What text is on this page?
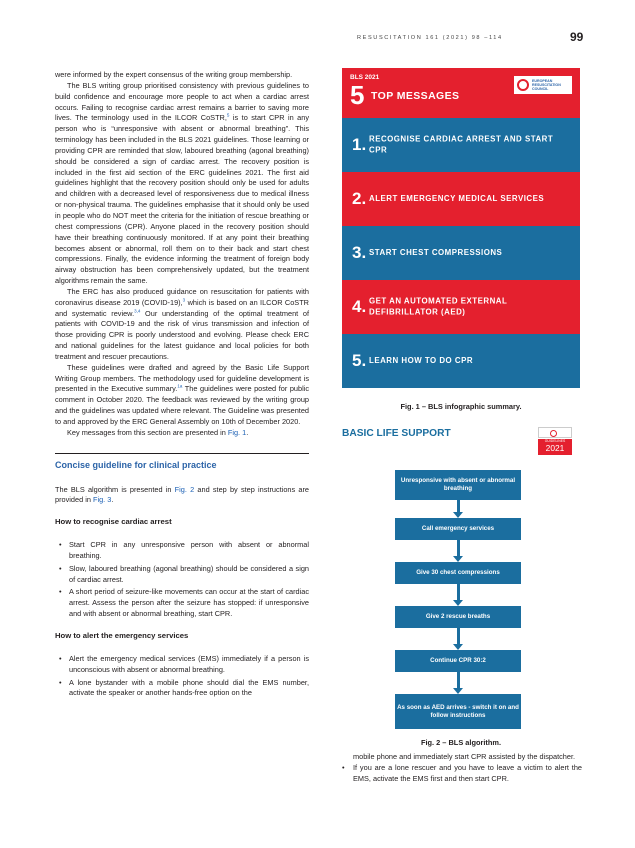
RESUSCITATION 161 (2021) 98 –114	99

were informed by the expert consensus of the writing group membership.

The BLS writing group prioritised consistency with previous guidelines to build confidence and encourage more people to act when a cardiac arrest occurs. Failing to recognise cardiac arrest remains a barrier to saving more lives. The terminology used in the ILCOR CoSTR,$^5$ is to start CPR in any person who is “unresponsive with absent or abnormal breathing”. This terminology has been included in the BLS 2021 guidelines. Those learning or providing CPR are reminded that slow, laboured breathing (agonal breathing) should be considered a sign of cardiac arrest. The recovery position is included in the first aid section of the ERC guidelines 2021. The first aid guidelines highlight that the recovery position should only be used for adults and children with a decreased level of responsiveness due to medical illness or non-physical trauma. The guidelines emphasise that it should only be used in people who do NOT meet the criteria for the initiation of rescue breathing or chest compressions (CPR). Anyone placed in the recovery position should have their breathing continuously monitored. If at any point their breathing becomes absent or abnormal, roll them on to their back and start chest compressions. Finally, the evidence informing the treatment of foreign body airway obstruction has been comprehensively updated, but the treatment algorithms remain the same.

The ERC has also produced guidance on resuscitation for patients with coronavirus disease 2019 (COVID-19),$^3$ which is based on an ILCOR CoSTR and systematic review.$^{3,4}$ Our understanding of the optimal treatment of patients with COVID-19 and the risk of virus transmission and infection of those providing CPR is poorly understood and evolving. Please check ERC and national guidelines for the latest guidance and local policies for both treatment and rescuer precautions.

These guidelines were drafted and agreed by the Basic Life Support Writing Group members. The methodology used for guideline development is presented in the Executive summary.$^{1a}$ The guidelines were posted for public comment in October 2020. The feedback was reviewed by the writing group and the guidelines was updated where relevant. The Guideline was presented to and approved by the ERC General Assembly on 10th of December 2020.

Key messages from this section are presented in Fig. 1.

Concise guideline for clinical practice

The BLS algorithm is presented in Fig. 2 and step by step instructions are provided in Fig. 3.

How to recognise cardiac arrest
• Start CPR in any unresponsive person with absent or abnormal breathing.
• Slow, laboured breathing (agonal breathing) should be considered a sign of cardiac arrest.
• A short period of seizure-like movements can occur at the start of cardiac arrest. Assess the person after the seizure has stopped: if unresponsive and with absent or abnormal breathing, start CPR.
How to alert the emergency services
• Alert the emergency medical services (EMS) immediately if a person is unconscious with absent or abnormal breathing.
• A lone bystander with a mobile phone should dial the EMS number, activate the speaker or another hands-free option on the
BLS 2021
5 TOP MESSAGES
EUROPEAN RESUSCITATION COUNCIL
1. RECOGNISE CARDIAC ARREST AND START CPR
2. ALERT EMERGENCY MEDICAL SERVICES
3. START CHEST COMPRESSIONS
4. GET AN AUTOMATED EXTERNAL DEFIBRILLATOR (AED)
5. LEARN HOW TO DO CPR
Fig. 1 – BLS infographic summary.
BASIC LIFE SUPPORT
GUIDELINES
2021
Unresponsive with absent or abnormal breathing
Call emergency services
Give 30 chest compressions
Give 2 rescue breaths
Continue CPR 30:2
As soon as AED arrives - switch it on and follow instructions
Fig. 2 – BLS algorithm.

mobile phone and immediately start CPR assisted by the dispatcher.

• If you are a lone rescuer and you have to leave a victim to alert the EMS, activate the EMS first and then start CPR.
